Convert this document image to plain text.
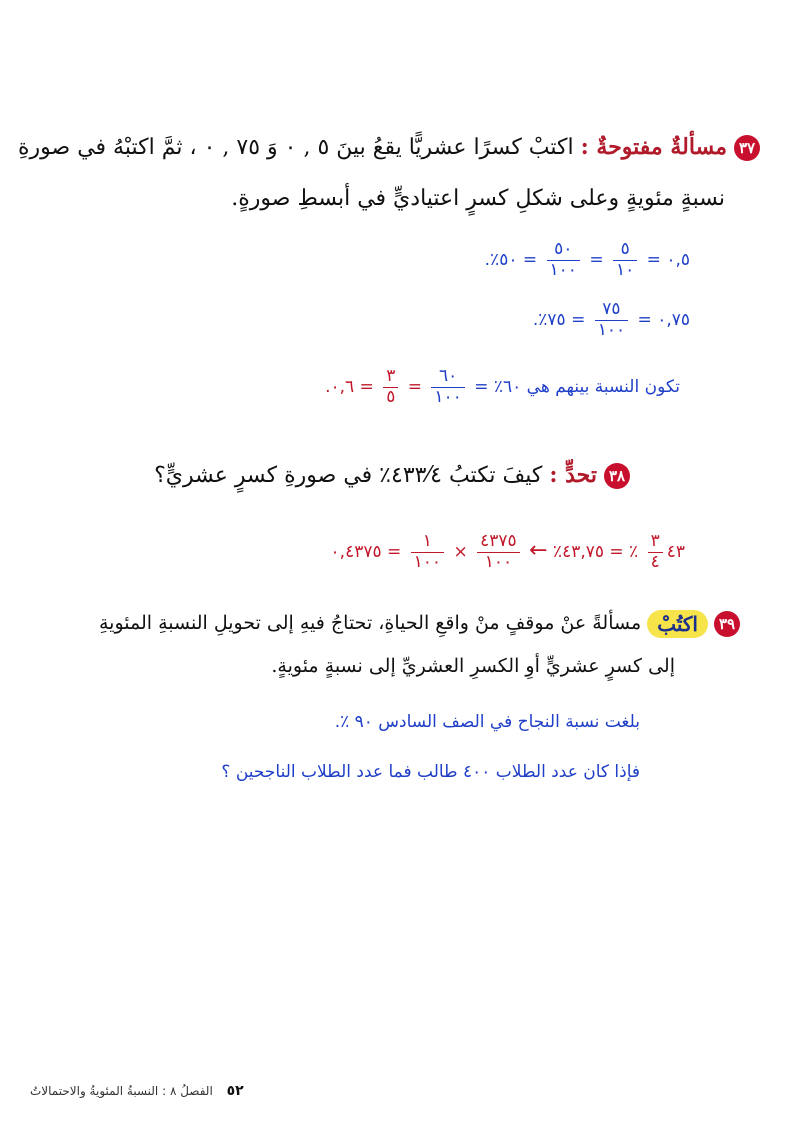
٣٧ مسألةٌ مفتوحةٌ : اكتبْ كسرًا عشريًّا يقعُ بينَ ٥ , ٠ وَ ٧٥ , ٠ ، ثمَّ اكتبْهُ في صورةِ
نسبةٍ مئويةٍ وعلى شكلِ كسرٍ اعتياديٍّ في أبسطِ صورةٍ.
٠,٥ =
$\frac{٥}{١٠}$
=
$\frac{٥٠}{١٠٠}$
= ٥٠٪.
٠,٧٥ =
$\frac{٧٥}{١٠٠}$
= ٧٥٪.
تكون النسبة بينهم هي ٦٠٪ =
$\frac{٦٠}{١٠٠}$
=
$\frac{٣}{٥}$
= ٠,٦.
٣٨ تحدٍّ : كيفَ تكتبُ ٤٣٣⁄٤٪ في صورةِ كسرٍ عشريٍّ؟
٤٣
$\frac{٣}{٤}$
٪ = ٤٣,٧٥٪ ←
$\frac{٤٣٧٥}{١٠٠}$
×
$\frac{١}{١٠٠}$
= ٠,٤٣٧٥
٣٩ اكتُبْ مسألةً عنْ موقفٍ منْ واقعِ الحياةِ، تحتاجُ فيهِ إلى تحويلِ النسبةِ المئويةِ
إلى كسرٍ عشريٍّ أوِ الكسرِ العشريِّ إلى نسبةٍ مئويةٍ.
بلغت نسبة النجاح في الصف السادس ٩٠ ٪.
فإذا كان عدد الطلاب ٤٠٠ طالب فما عدد الطلاب الناجحين ؟
٥٢ الفصلُ ٨ : النسبةُ المئويةُ والاحتمالاتُ
